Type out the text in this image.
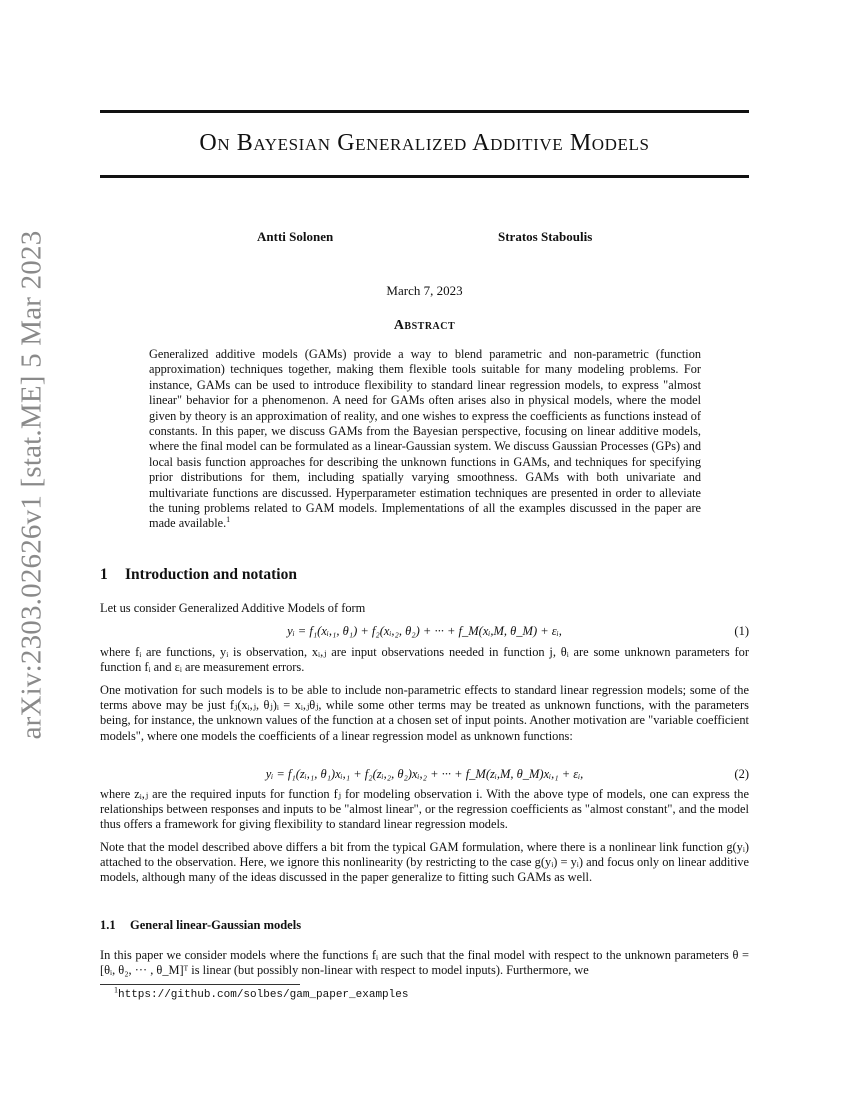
arXiv:2303.02626v1 [stat.ME] 5 Mar 2023
On Bayesian Generalized Additive Models
Antti Solonen	Stratos Staboulis
March 7, 2023
Abstract

Generalized additive models (GAMs) provide a way to blend parametric and non-parametric (function approximation) techniques together, making them flexible tools suitable for many modeling problems. For instance, GAMs can be used to introduce flexibility to standard linear regression models, to express "almost linear" behavior for a phenomenon. A need for GAMs often arises also in physical models, where the model given by theory is an approximation of reality, and one wishes to express the coefficients as functions instead of constants. In this paper, we discuss GAMs from the Bayesian perspective, focusing on linear additive models, where the final model can be formulated as a linear-Gaussian system. We discuss Gaussian Processes (GPs) and local basis function approaches for describing the unknown functions in GAMs, and techniques for specifying prior distributions for them, including spatially varying smoothness. GAMs with both univariate and multivariate functions are discussed. Hyperparameter estimation techniques are presented in order to alleviate the tuning problems related to GAM models. Implementations of all the examples discussed in the paper are made available.$^1$

1 Introduction and notation

Let us consider Generalized Additive Models of form

yᵢ = f₁(xᵢ,₁, θ₁) + f₂(xᵢ,₂, θ₂) + ··· + f_M(xᵢ,M, θ_M) + εᵢ,	(1)

where fᵢ are functions, yᵢ is observation, xᵢ,ⱼ are input observations needed in function j, θᵢ are some unknown parameters for function fᵢ and εᵢ are measurement errors.

One motivation for such models is to be able to include non-parametric effects to standard linear regression models; some of the terms above may be just fⱼ(xᵢ,ⱼ, θⱼ)ᵢ = xᵢ,ⱼθⱼ, while some other terms may be treated as unknown functions, with the parameters being, for instance, the unknown values of the function at a chosen set of input points. Another motivation are "variable coefficient models", where one models the coefficients of a linear regression model as unknown functions:

yᵢ = f₁(zᵢ,₁, θ₁)xᵢ,₁ + f₂(zᵢ,₂, θ₂)xᵢ,₂ + ··· + f_M(zᵢ,M, θ_M)xᵢ,₁ + εᵢ,	(2)

where zᵢ,ⱼ are the required inputs for function fⱼ for modeling observation i. With the above type of models, one can express the relationships between responses and inputs to be "almost linear", or the regression coefficients as "almost constant", and the model thus offers a framework for giving flexibility to standard linear regression models.

Note that the model described above differs a bit from the typical GAM formulation, where there is a nonlinear link function g(yᵢ) attached to the observation. Here, we ignore this nonlinearity (by restricting to the case g(yᵢ) = yᵢ) and focus only on linear additive models, although many of the ideas discussed in the paper generalize to fitting such GAMs as well.

1.1 General linear-Gaussian models

In this paper we consider models where the functions fᵢ are such that the final model with respect to the unknown parameters θ = [θᵢ, θ₂, ··· , θ_M]ᵀ is linear (but possibly non-linear with respect to model inputs). Furthermore, we

$^1$https://github.com/solbes/gam_paper_examples
